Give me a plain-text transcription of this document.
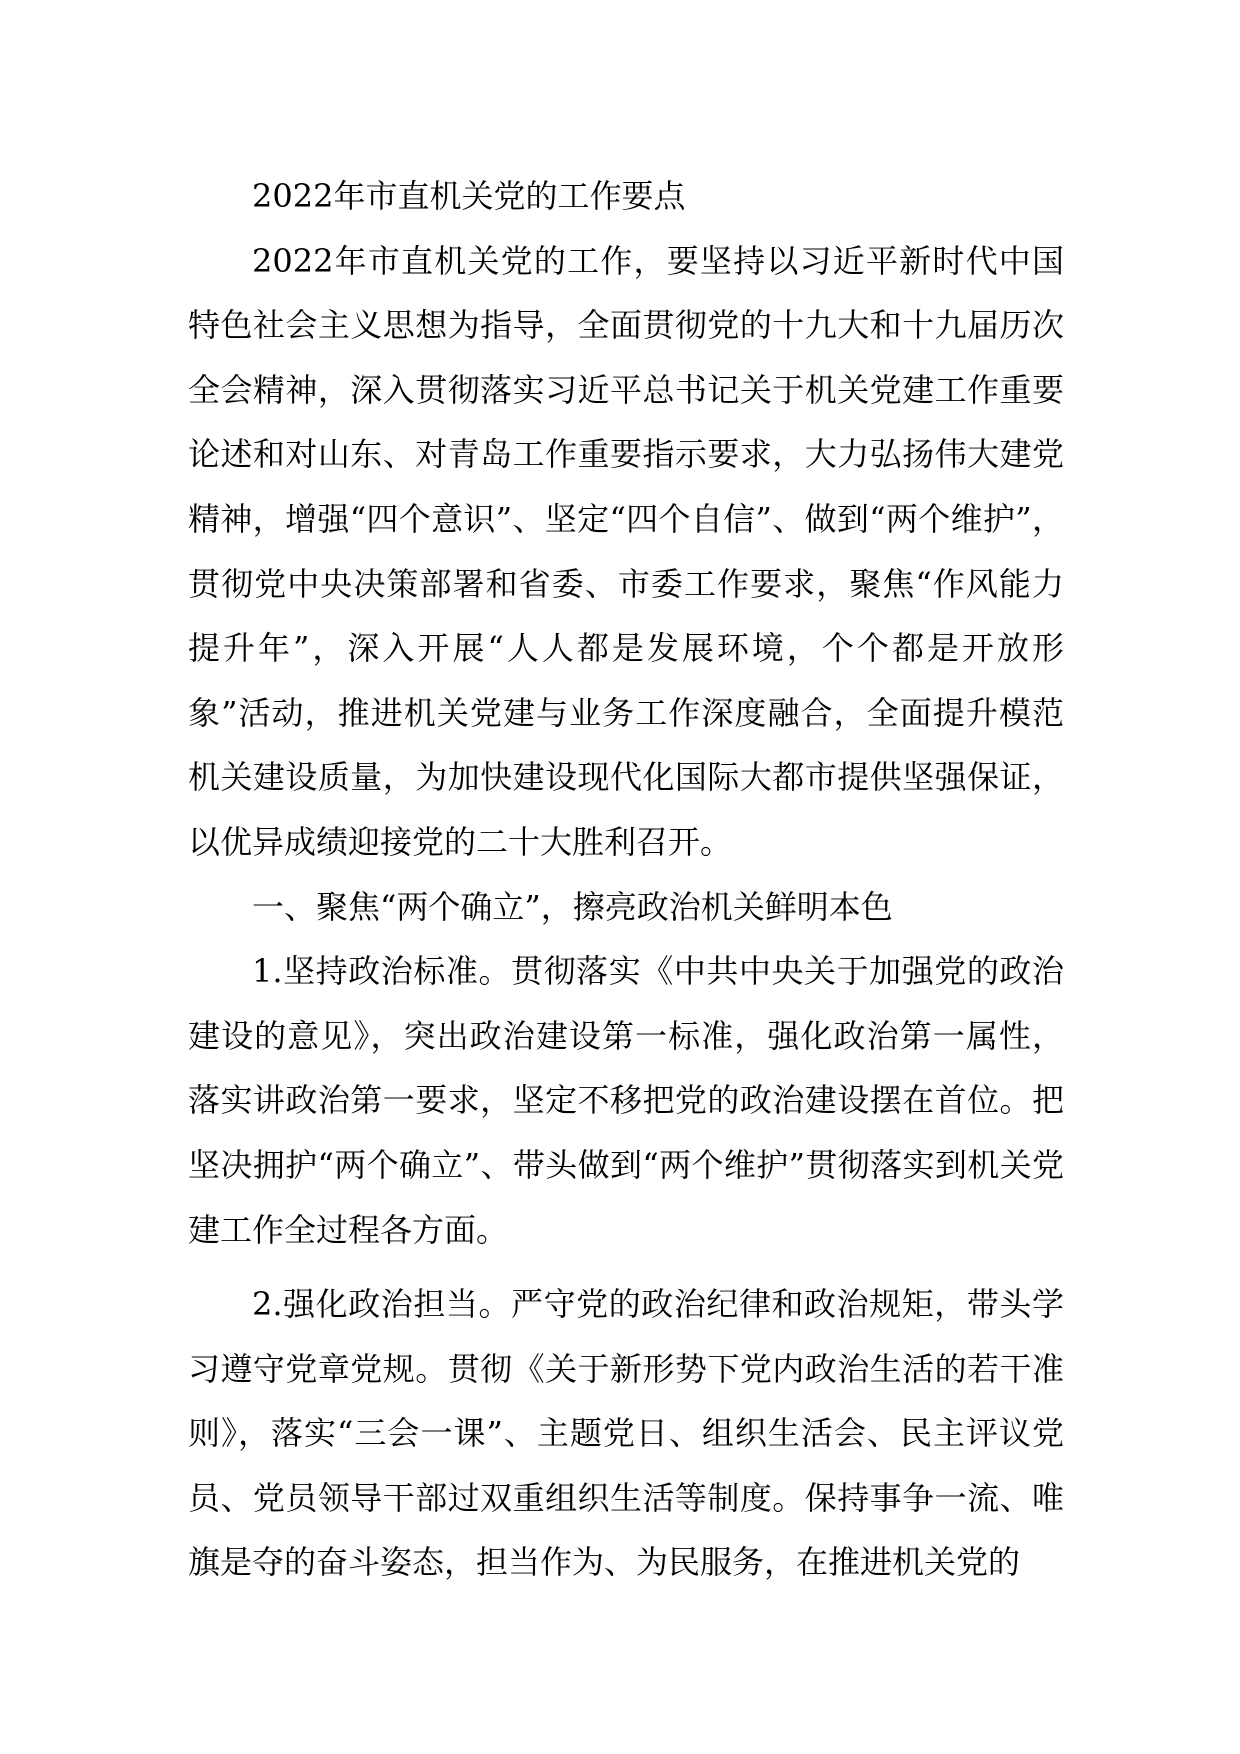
2022年市直机关党的工作要点

2022年市直机关党的工作，要坚持以习近平新时代中国特色社会主义思想为指导，全面贯彻党的十九大和十九届历次全会精神，深入贯彻落实习近平总书记关于机关党建工作重要论述和对山东、对青岛工作重要指示要求，大力弘扬伟大建党精神，增强“四个意识”、坚定“四个自信”、做到“两个维护”，贯彻党中央决策部署和省委、市委工作要求，聚焦“作风能力提升年”，深入开展“人人都是发展环境，个个都是开放形象”活动，推进机关党建与业务工作深度融合，全面提升模范机关建设质量，为加快建设现代化国际大都市提供坚强保证，以优异成绩迎接党的二十大胜利召开。

一、聚焦“两个确立”，擦亮政治机关鲜明本色

1.坚持政治标准。贯彻落实《中共中央关于加强党的政治建设的意见》，突出政治建设第一标准，强化政治第一属性，落实讲政治第一要求，坚定不移把党的政治建设摆在首位。把坚决拥护“两个确立”、带头做到“两个维护”贯彻落实到机关党建工作全过程各方面。

2.强化政治担当。严守党的政治纪律和政治规矩，带头学习遵守党章党规。贯彻《关于新形势下党内政治生活的若干准则》，落实“三会一课”、主题党日、组织生活会、民主评议党员、党员领导干部过双重组织生活等制度。保持事争一流、唯旗是夺的奋斗姿态，担当作为、为民服务，在推进机关党的
